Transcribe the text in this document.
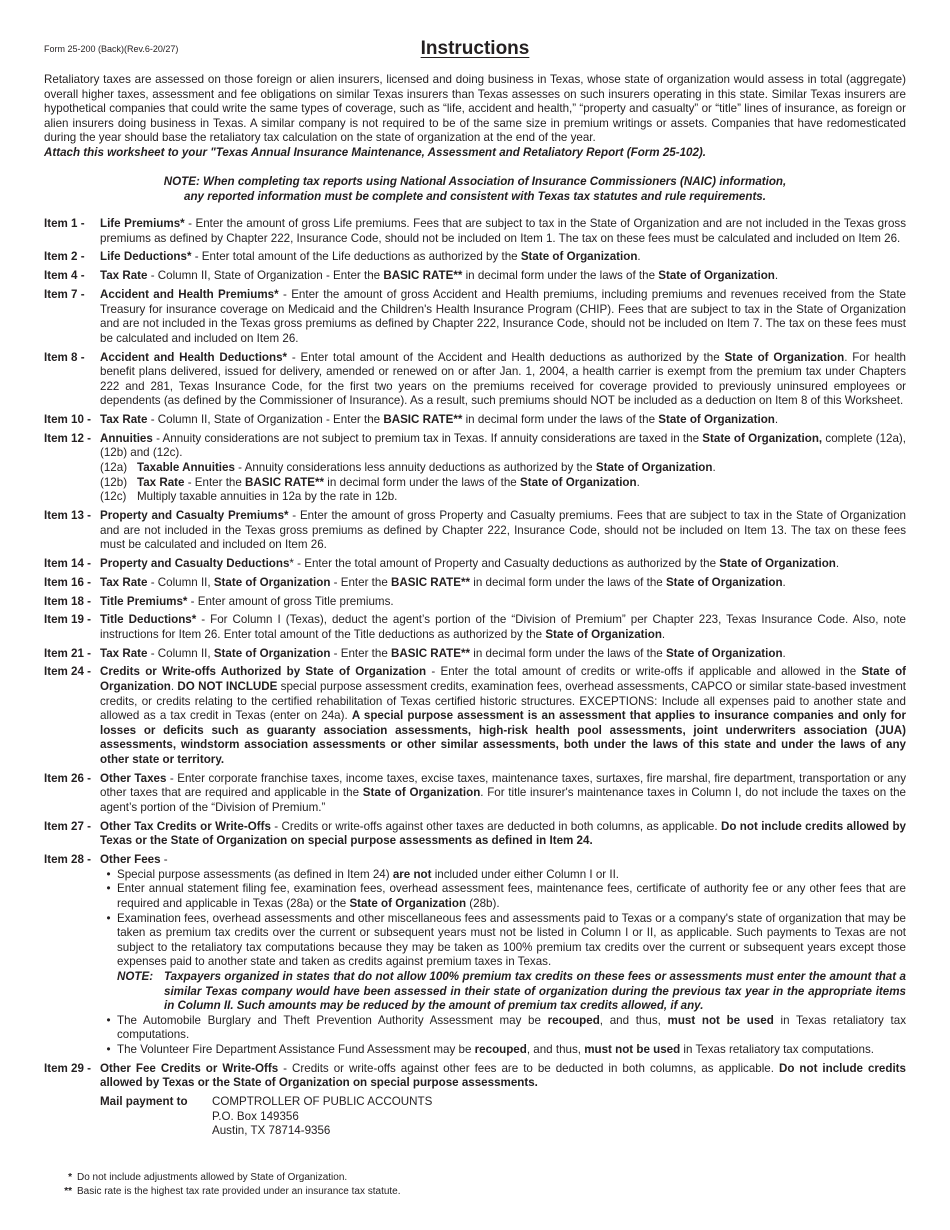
Form 25-200 (Back)(Rev.6-20/27)	Instructions
Retaliatory taxes are assessed on those foreign or alien insurers, licensed and doing business in Texas, whose state of organization would assess in total (aggregate) overall higher taxes, assessment and fee obligations on similar Texas insurers than Texas assesses on such insurers operating in this state. Similar Texas insurers are hypothetical companies that could write the same types of coverage, such as “life, accident and health,” “property and casualty” or “title” lines of insurance, as foreign or alien insurers doing business in Texas. A similar company is not required to be of the same size in premium writings or assets. Companies that have redomesticated during the year should base the retaliatory tax calculation on the state of organization at the end of the year.
Attach this worksheet to your "Texas Annual Insurance Maintenance, Assessment and Retaliatory Report (Form 25-102).
NOTE: When completing tax reports using National Association of Insurance Commissioners (NAIC) information,
any reported information must be complete and consistent with Texas tax statutes and rule requirements.
Item 1 -	Life Premiums* - Enter the amount of gross Life premiums. Fees that are subject to tax in the State of Organization and are not included in the Texas gross premiums as defined by Chapter 222, Insurance Code, should not be included on Item 1. The tax on these fees must be calculated and included on Item 26.
Item 2 -	Life Deductions* - Enter total amount of the Life deductions as authorized by the State of Organization.
Item 4 -	Tax Rate - Column II, State of Organization - Enter the BASIC RATE** in decimal form under the laws of the State of Organization.
Item 7 -	Accident and Health Premiums* - Enter the amount of gross Accident and Health premiums, including premiums and revenues received from the State Treasury for insurance coverage on Medicaid and the Children's Health Insurance Program (CHIP). Fees that are subject to tax in the State of Organization and are not included in the Texas gross premiums as defined by Chapter 222, Insurance Code, should not be included on Item 7. The tax on these fees must be calculated and included on Item 26.
Item 8 -	Accident and Health Deductions* - Enter total amount of the Accident and Health deductions as authorized by the State of Organization. For health benefit plans delivered, issued for delivery, amended or renewed on or after Jan. 1, 2004, a health carrier is exempt from the premium tax under Chapters 222 and 281, Texas Insurance Code, for the first two years on the premiums received for coverage provided to previously uninsured employees or dependents (as defined by the Commissioner of Insurance). As a result, such premiums should NOT be included as a deduction on Item 8 of this Worksheet.
Item 10 - Tax Rate - Column II, State of Organization - Enter the BASIC RATE** in decimal form under the laws of the State of Organization.
Item 12 - Annuities - Annuity considerations are not subject to premium tax in Texas. If annuity considerations are taxed in the State of Organization, complete (12a), (12b) and (12c).
(12a) Taxable Annuities - Annuity considerations less annuity deductions as authorized by the State of Organization.
(12b) Tax Rate - Enter the BASIC RATE** in decimal form under the laws of the State of Organization.
(12c) Multiply taxable annuities in 12a by the rate in 12b.
Item 13 - Property and Casualty Premiums* - Enter the amount of gross Property and Casualty premiums. Fees that are subject to tax in the State of Organization and are not included in the Texas gross premiums as defined by Chapter 222, Insurance Code, should not be included on Item 13. The tax on these fees must be calculated and included on Item 26.
Item 14 - Property and Casualty Deductions* - Enter the total amount of Property and Casualty deductions as authorized by the State of Organization.
Item 16 - Tax Rate - Column II, State of Organization - Enter the BASIC RATE** in decimal form under the laws of the State of Organization.
Item 18 - Title Premiums* - Enter amount of gross Title premiums.
Item 19 - Title Deductions* - For Column I (Texas), deduct the agent’s portion of the “Division of Premium” per Chapter 223, Texas Insurance Code. Also, note instructions for Item 26. Enter total amount of the Title deductions as authorized by the State of Organization.
Item 21 - Tax Rate - Column II, State of Organization - Enter the BASIC RATE** in decimal form under the laws of the State of Organization.
Item 24 - Credits or Write-offs Authorized by State of Organization - Enter the total amount of credits or write-offs if applicable and allowed in the State of Organization. DO NOT INCLUDE special purpose assessment credits, examination fees, overhead assessments, CAPCO or similar state-based investment credits, or credits relating to the certified rehabilitation of Texas certified historic structures. EXCEPTIONS: Include all expenses paid to another state and allowed as a tax credit in Texas (enter on 24a). A special purpose assessment is an assessment that applies to insurance companies and only for losses or deficits such as guaranty association assessments, high-risk health pool assessments, joint underwriters association (JUA) assessments, windstorm association assessments or other similar assessments, both under the laws of this state and under the laws of any other state or territory.
Item 26 - Other Taxes - Enter corporate franchise taxes, income taxes, excise taxes, maintenance taxes, surtaxes, fire marshal, fire department, transportation or any other taxes that are required and applicable in the State of Organization. For title insurer's maintenance taxes in Column I, do not include the taxes on the agent’s portion of the “Division of Premium.”
Item 27 - Other Tax Credits or Write-Offs - Credits or write-offs against other taxes are deducted in both columns, as applicable. Do not include credits allowed by Texas or the State of Organization on special purpose assessments as defined in Item 24.
Item 28 - Other Fees -
• Special purpose assessments (as defined in Item 24) are not included under either Column I or II.
• Enter annual statement filing fee, examination fees, overhead assessment fees, maintenance fees, certificate of authority fee or any other fees that are required and applicable in Texas (28a) or the State of Organization (28b).
• Examination fees, overhead assessments and other miscellaneous fees and assessments paid to Texas or a company's state of organization that may be taken as premium tax credits over the current or subsequent years must not be listed in Column I or II, as applicable. Such payments to Texas are not subject to the retaliatory tax computations because they may be taken as 100% premium tax credits over the current or subsequent years except those expenses paid to another state and taken as credits against premium taxes in Texas.
NOTE: Taxpayers organized in states that do not allow 100% premium tax credits on these fees or assessments must enter the amount that a similar Texas company would have been assessed in their state of organization during the previous tax year in the appropriate items in Column II. Such amounts may be reduced by the amount of premium tax credits allowed, if any.
• The Automobile Burglary and Theft Prevention Authority Assessment may be recouped, and thus, must not be used in Texas retaliatory tax computations.
• The Volunteer Fire Department Assistance Fund Assessment may be recouped, and thus, must not be used in Texas retaliatory tax computations.
Item 29 - Other Fee Credits or Write-Offs - Credits or write-offs against other fees are to be deducted in both columns, as applicable. Do not include credits allowed by Texas or the State of Organization on special purpose assessments.
Mail payment to	COMPTROLLER OF PUBLIC ACCOUNTS
P.O. Box 149356
Austin, TX 78714-9356
* Do not include adjustments allowed by State of Organization.
** Basic rate is the highest tax rate provided under an insurance tax statute.
